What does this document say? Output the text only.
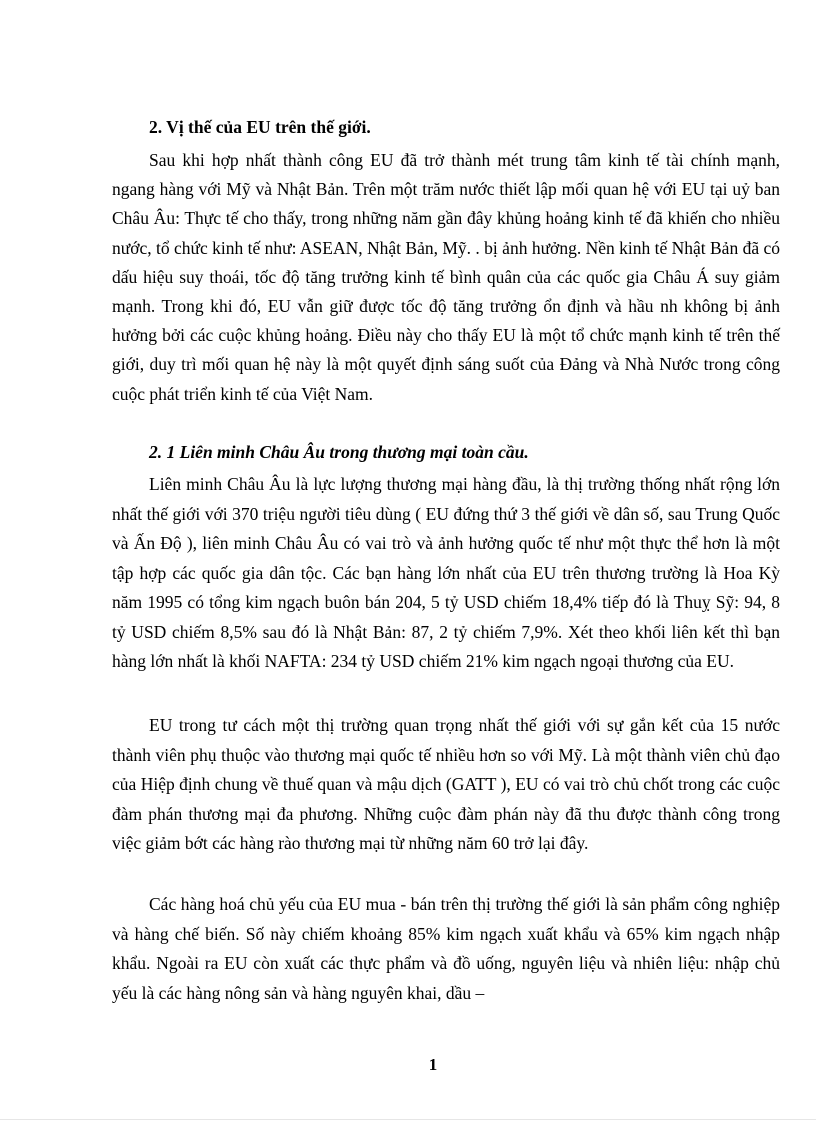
2. Vị thế của EU trên thế giới.

Sau khi hợp nhất thành công EU đã trở thành mét trung tâm kinh tế tài chính mạnh, ngang hàng với Mỹ và Nhật Bản. Trên một trăm nước thiết lập mối quan hệ với EU tại uỷ ban Châu Âu: Thực tế cho thấy, trong những năm gần đây khủng hoảng kinh tế đã khiến cho nhiều nước, tổ chức kinh tế như: ASEAN, Nhật Bản, Mỹ. . bị ảnh hưởng. Nền kinh tế Nhật Bản đã có dấu hiệu suy thoái, tốc độ tăng trưởng kinh tế bình quân của các quốc gia Châu Á suy giảm mạnh. Trong khi đó, EU vẫn giữ được tốc độ tăng trưởng ổn định và hầu nh không bị ảnh hưởng bởi các cuộc khủng hoảng. Điều này cho thấy EU là một tổ chức mạnh kinh tế trên thế giới, duy trì mối quan hệ này là một quyết định sáng suốt của Đảng và Nhà Nước trong công cuộc phát triển kinh tế của Việt Nam.

2. 1 Liên minh Châu Âu trong thương mại toàn cầu.

Liên minh Châu Âu là lực lượng thương mại hàng đầu, là thị trường thống nhất rộng lớn nhất thế giới với 370 triệu người tiêu dùng ( EU đứng thứ 3 thế giới về dân số, sau Trung Quốc và Ấn Độ ), liên minh Châu Âu có vai trò và ảnh hưởng quốc tế như một thực thể hơn là một tập hợp các quốc gia dân tộc. Các bạn hàng lớn nhất của EU trên thương trường là Hoa Kỳ năm 1995 có tổng kim ngạch buôn bán 204, 5 tỷ USD chiếm 18,4% tiếp đó là Thuỵ Sỹ: 94, 8 tỷ USD chiếm 8,5% sau đó là Nhật Bản: 87, 2 tỷ chiếm 7,9%. Xét theo khối liên kết thì bạn hàng lớn nhất là khối NAFTA: 234 tỷ USD chiếm 21% kim ngạch ngoại thương của EU.

EU trong tư cách một thị trường quan trọng nhất thế giới với sự gắn kết của 15 nước thành viên phụ thuộc vào thương mại quốc tế nhiều hơn so với Mỹ. Là một thành viên chủ đạo của Hiệp định chung về thuế quan và mậu dịch (GATT ), EU có vai trò chủ chốt trong các cuộc đàm phán thương mại đa phương. Những cuộc đàm phán này đã thu được thành công trong việc giảm bớt các hàng rào thương mại từ những năm 60 trở lại đây.

Các hàng hoá chủ yếu của EU mua - bán trên thị trường thế giới là sản phẩm công nghiệp và hàng chế biến. Số này chiếm khoảng 85% kim ngạch xuất khẩu và 65% kim ngạch nhập khẩu. Ngoài ra EU còn xuất các thực phẩm và đồ uống, nguyên liệu và nhiên liệu: nhập chủ yếu là các hàng nông sản và hàng nguyên khai, dầu –

1
